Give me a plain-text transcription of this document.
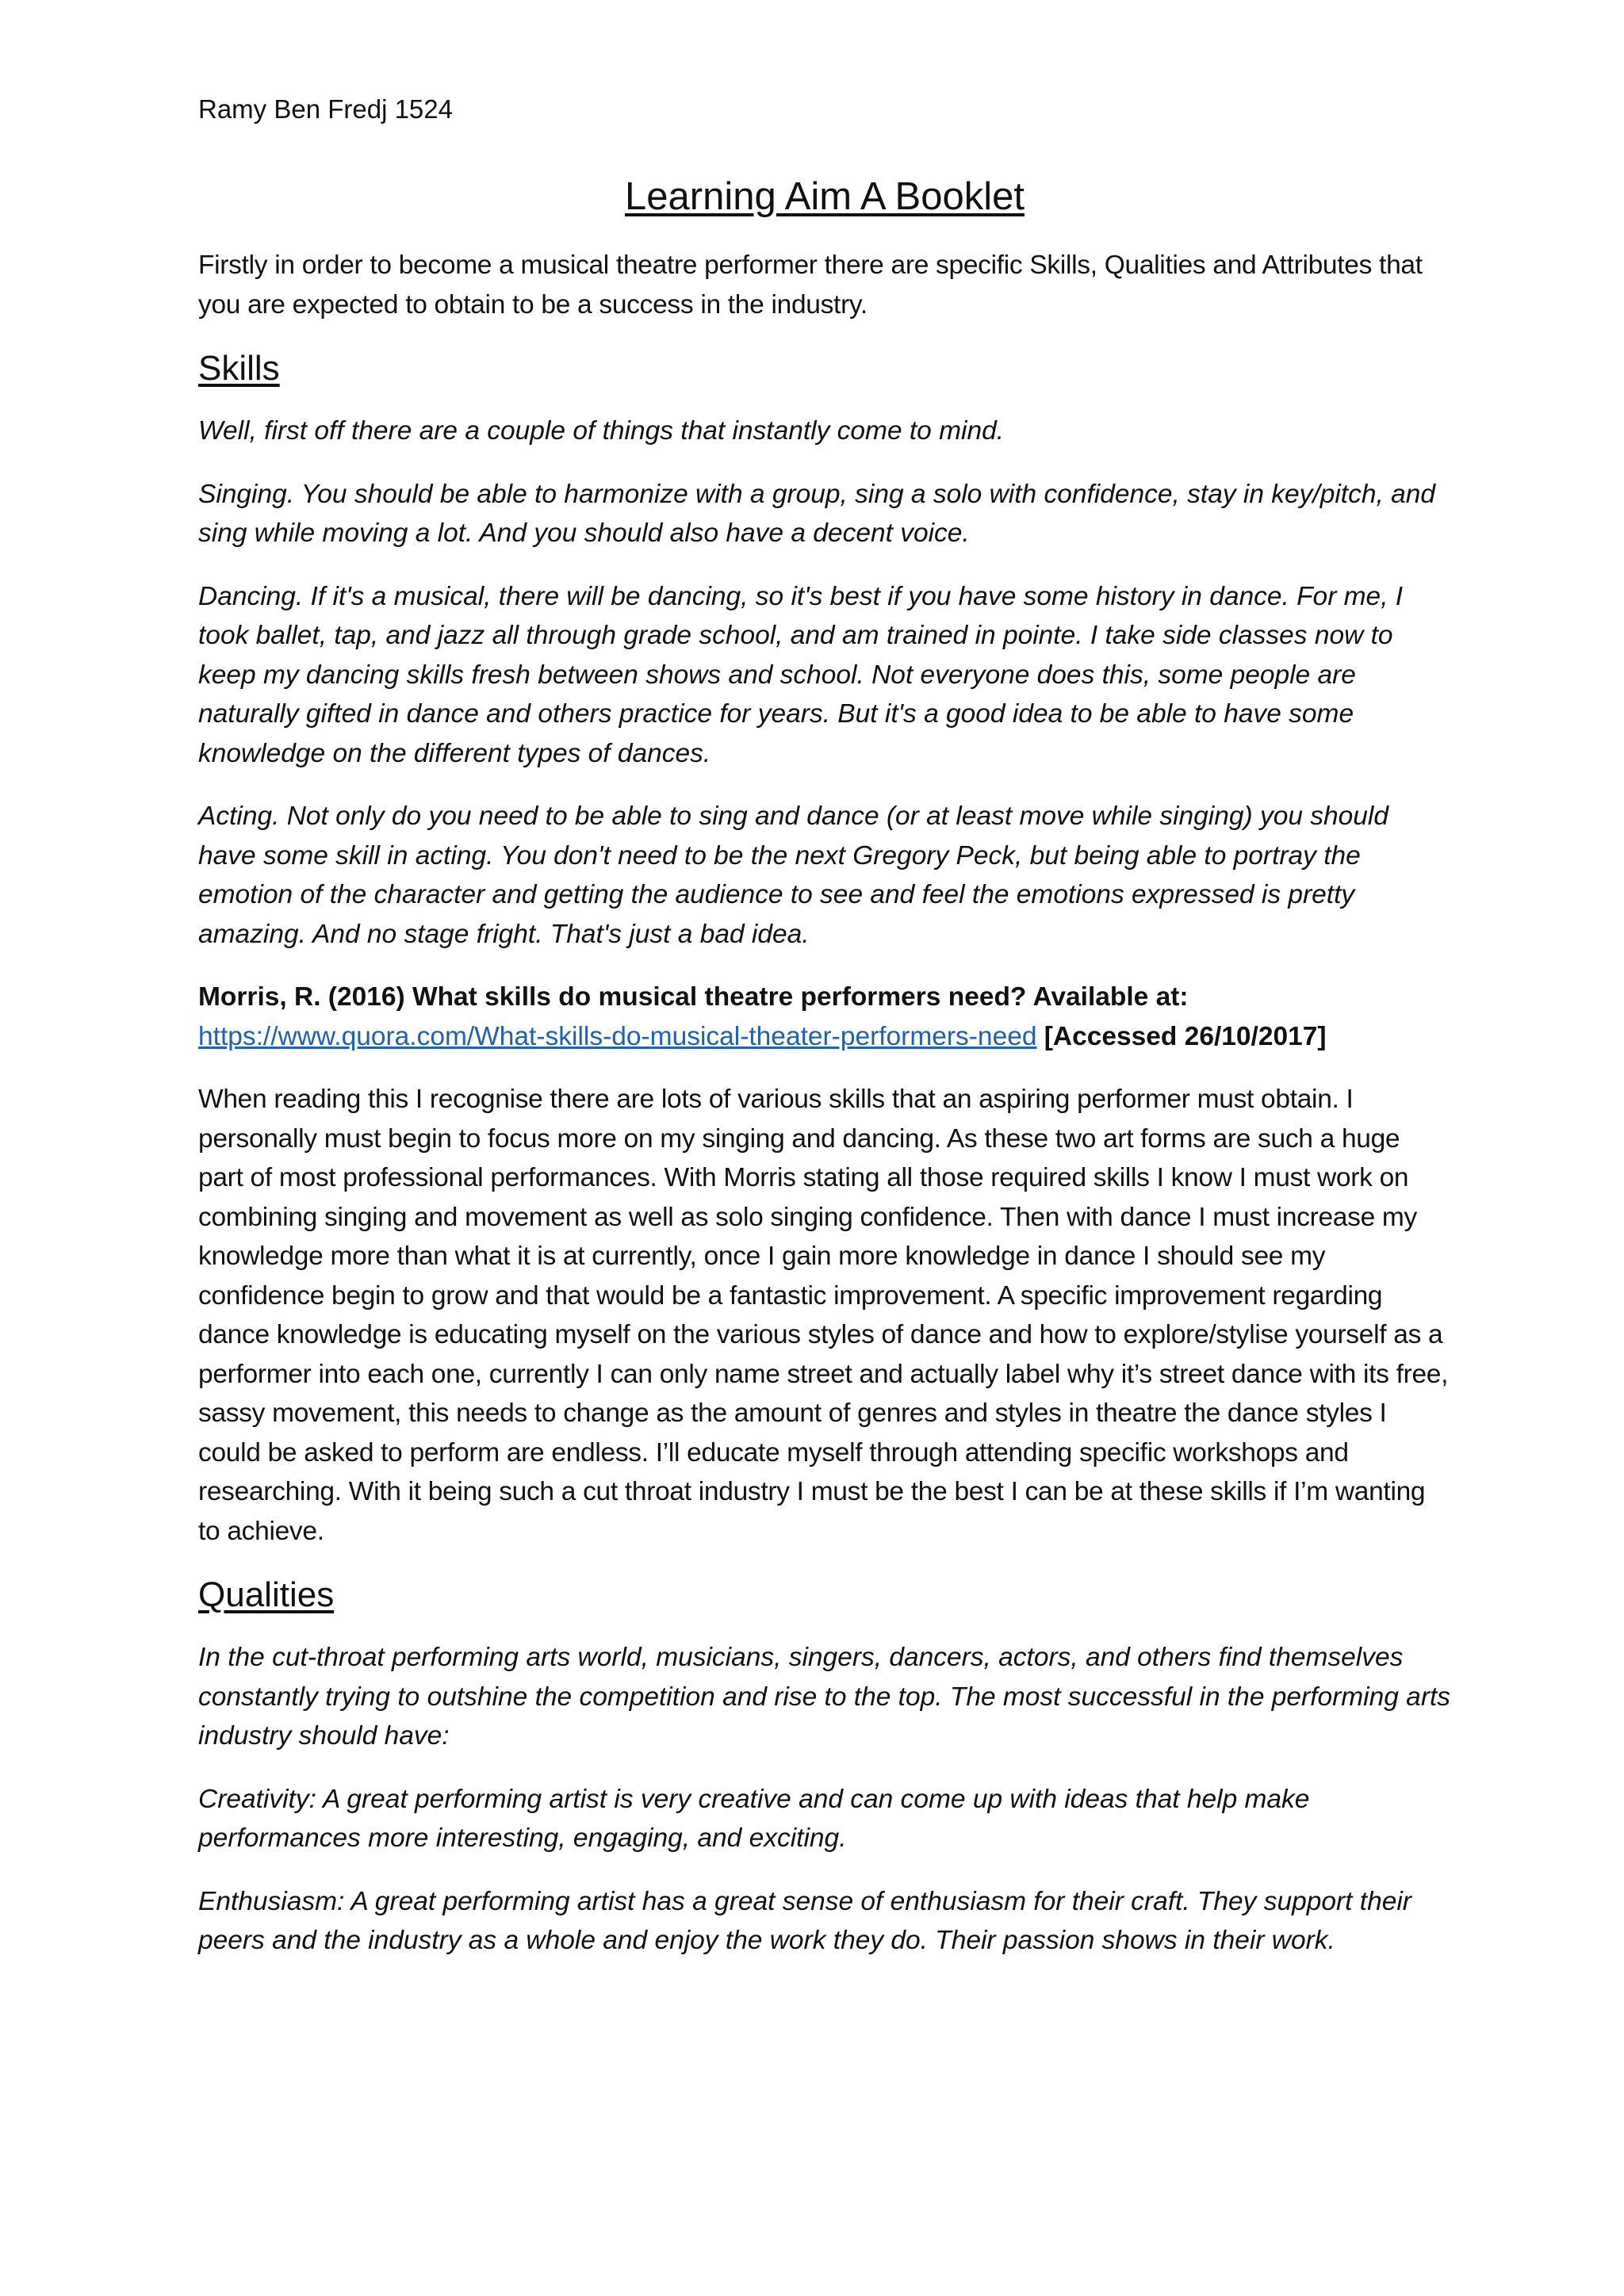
Ramy Ben Fredj 1524
Learning Aim A Booklet

Firstly in order to become a musical theatre performer there are specific Skills, Qualities and Attributes that you are expected to obtain to be a success in the industry.

Skills

Well, first off there are a couple of things that instantly come to mind.

Singing. You should be able to harmonize with a group, sing a solo with confidence, stay in key/pitch, and sing while moving a lot. And you should also have a decent voice.

Dancing. If it's a musical, there will be dancing, so it's best if you have some history in dance. For me, I took ballet, tap, and jazz all through grade school, and am trained in pointe. I take side classes now to keep my dancing skills fresh between shows and school. Not everyone does this, some people are naturally gifted in dance and others practice for years. But it's a good idea to be able to have some knowledge on the different types of dances.

Acting. Not only do you need to be able to sing and dance (or at least move while singing) you should have some skill in acting. You don't need to be the next Gregory Peck, but being able to portray the emotion of the character and getting the audience to see and feel the emotions expressed is pretty amazing. And no stage fright. That's just a bad idea.

Morris, R. (2016) What skills do musical theatre performers need? Available at:
https://www.quora.com/What-skills-do-musical-theater-performers-need [Accessed 26/10/2017]

When reading this I recognise there are lots of various skills that an aspiring performer must obtain. I personally must begin to focus more on my singing and dancing. As these two art forms are such a huge part of most professional performances. With Morris stating all those required skills I know I must work on combining singing and movement as well as solo singing confidence. Then with dance I must increase my knowledge more than what it is at currently, once I gain more knowledge in dance I should see my confidence begin to grow and that would be a fantastic improvement. A specific improvement regarding dance knowledge is educating myself on the various styles of dance and how to explore/stylise yourself as a performer into each one, currently I can only name street and actually label why it’s street dance with its free, sassy movement, this needs to change as the amount of genres and styles in theatre the dance styles I could be asked to perform are endless. I’ll educate myself through attending specific workshops and researching. With it being such a cut throat industry I must be the best I can be at these skills if I’m wanting to achieve.

Qualities

In the cut-throat performing arts world, musicians, singers, dancers, actors, and others find themselves constantly trying to outshine the competition and rise to the top. The most successful in the performing arts industry should have:

Creativity: A great performing artist is very creative and can come up with ideas that help make performances more interesting, engaging, and exciting.

Enthusiasm: A great performing artist has a great sense of enthusiasm for their craft. They support their peers and the industry as a whole and enjoy the work they do. Their passion shows in their work.
